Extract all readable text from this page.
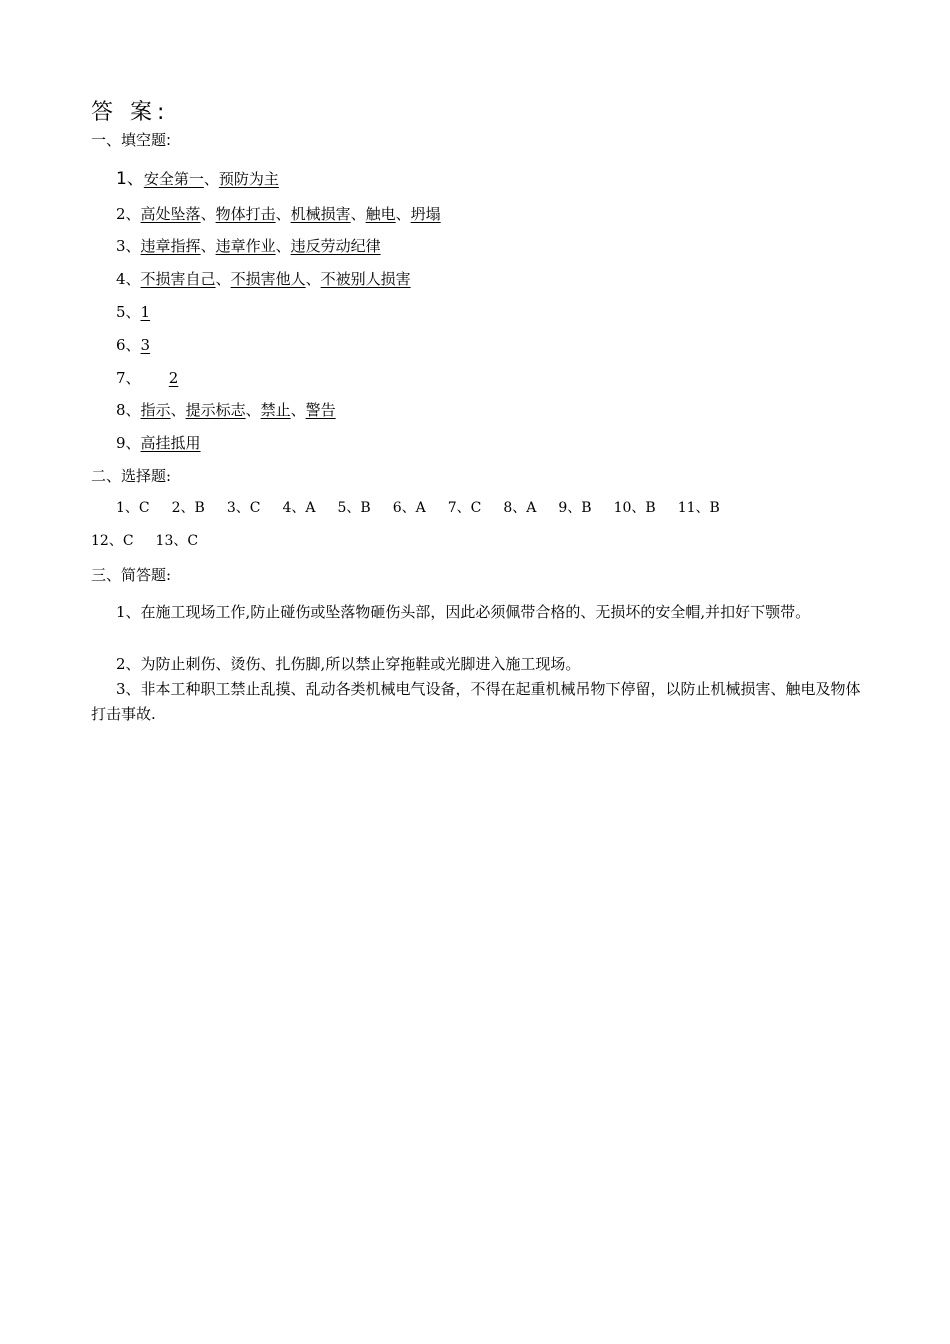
答 案:
一、填空题:
1、安全第一、预防为主
2、高处坠落、物体打击、机械损害、触电、坍塌
3、违章指挥、违章作业、违反劳动纪律
4、不损害自己、不损害他人、不被别人损害
5、1
6、3
7、 2
8、指示、提示标志、禁止、警告
9、高挂抵用
二、选择题:
1、C 2、B 3、C 4、A 5、B 6、A 7、C 8、A 9、B 10、B 11、B
12、C 13、C
三、简答题:
1、在施工现场工作,防止碰伤或坠落物砸伤头部，因此必须佩带合格的、无损坏的安全帽,并扣好下颚带。
2、为防止刺伤、烫伤、扎伤脚,所以禁止穿拖鞋或光脚进入施工现场。
3、非本工种职工禁止乱摸、乱动各类机械电气设备，不得在起重机械吊物下停留，以防止机械损害、触电及物体打击事故.
